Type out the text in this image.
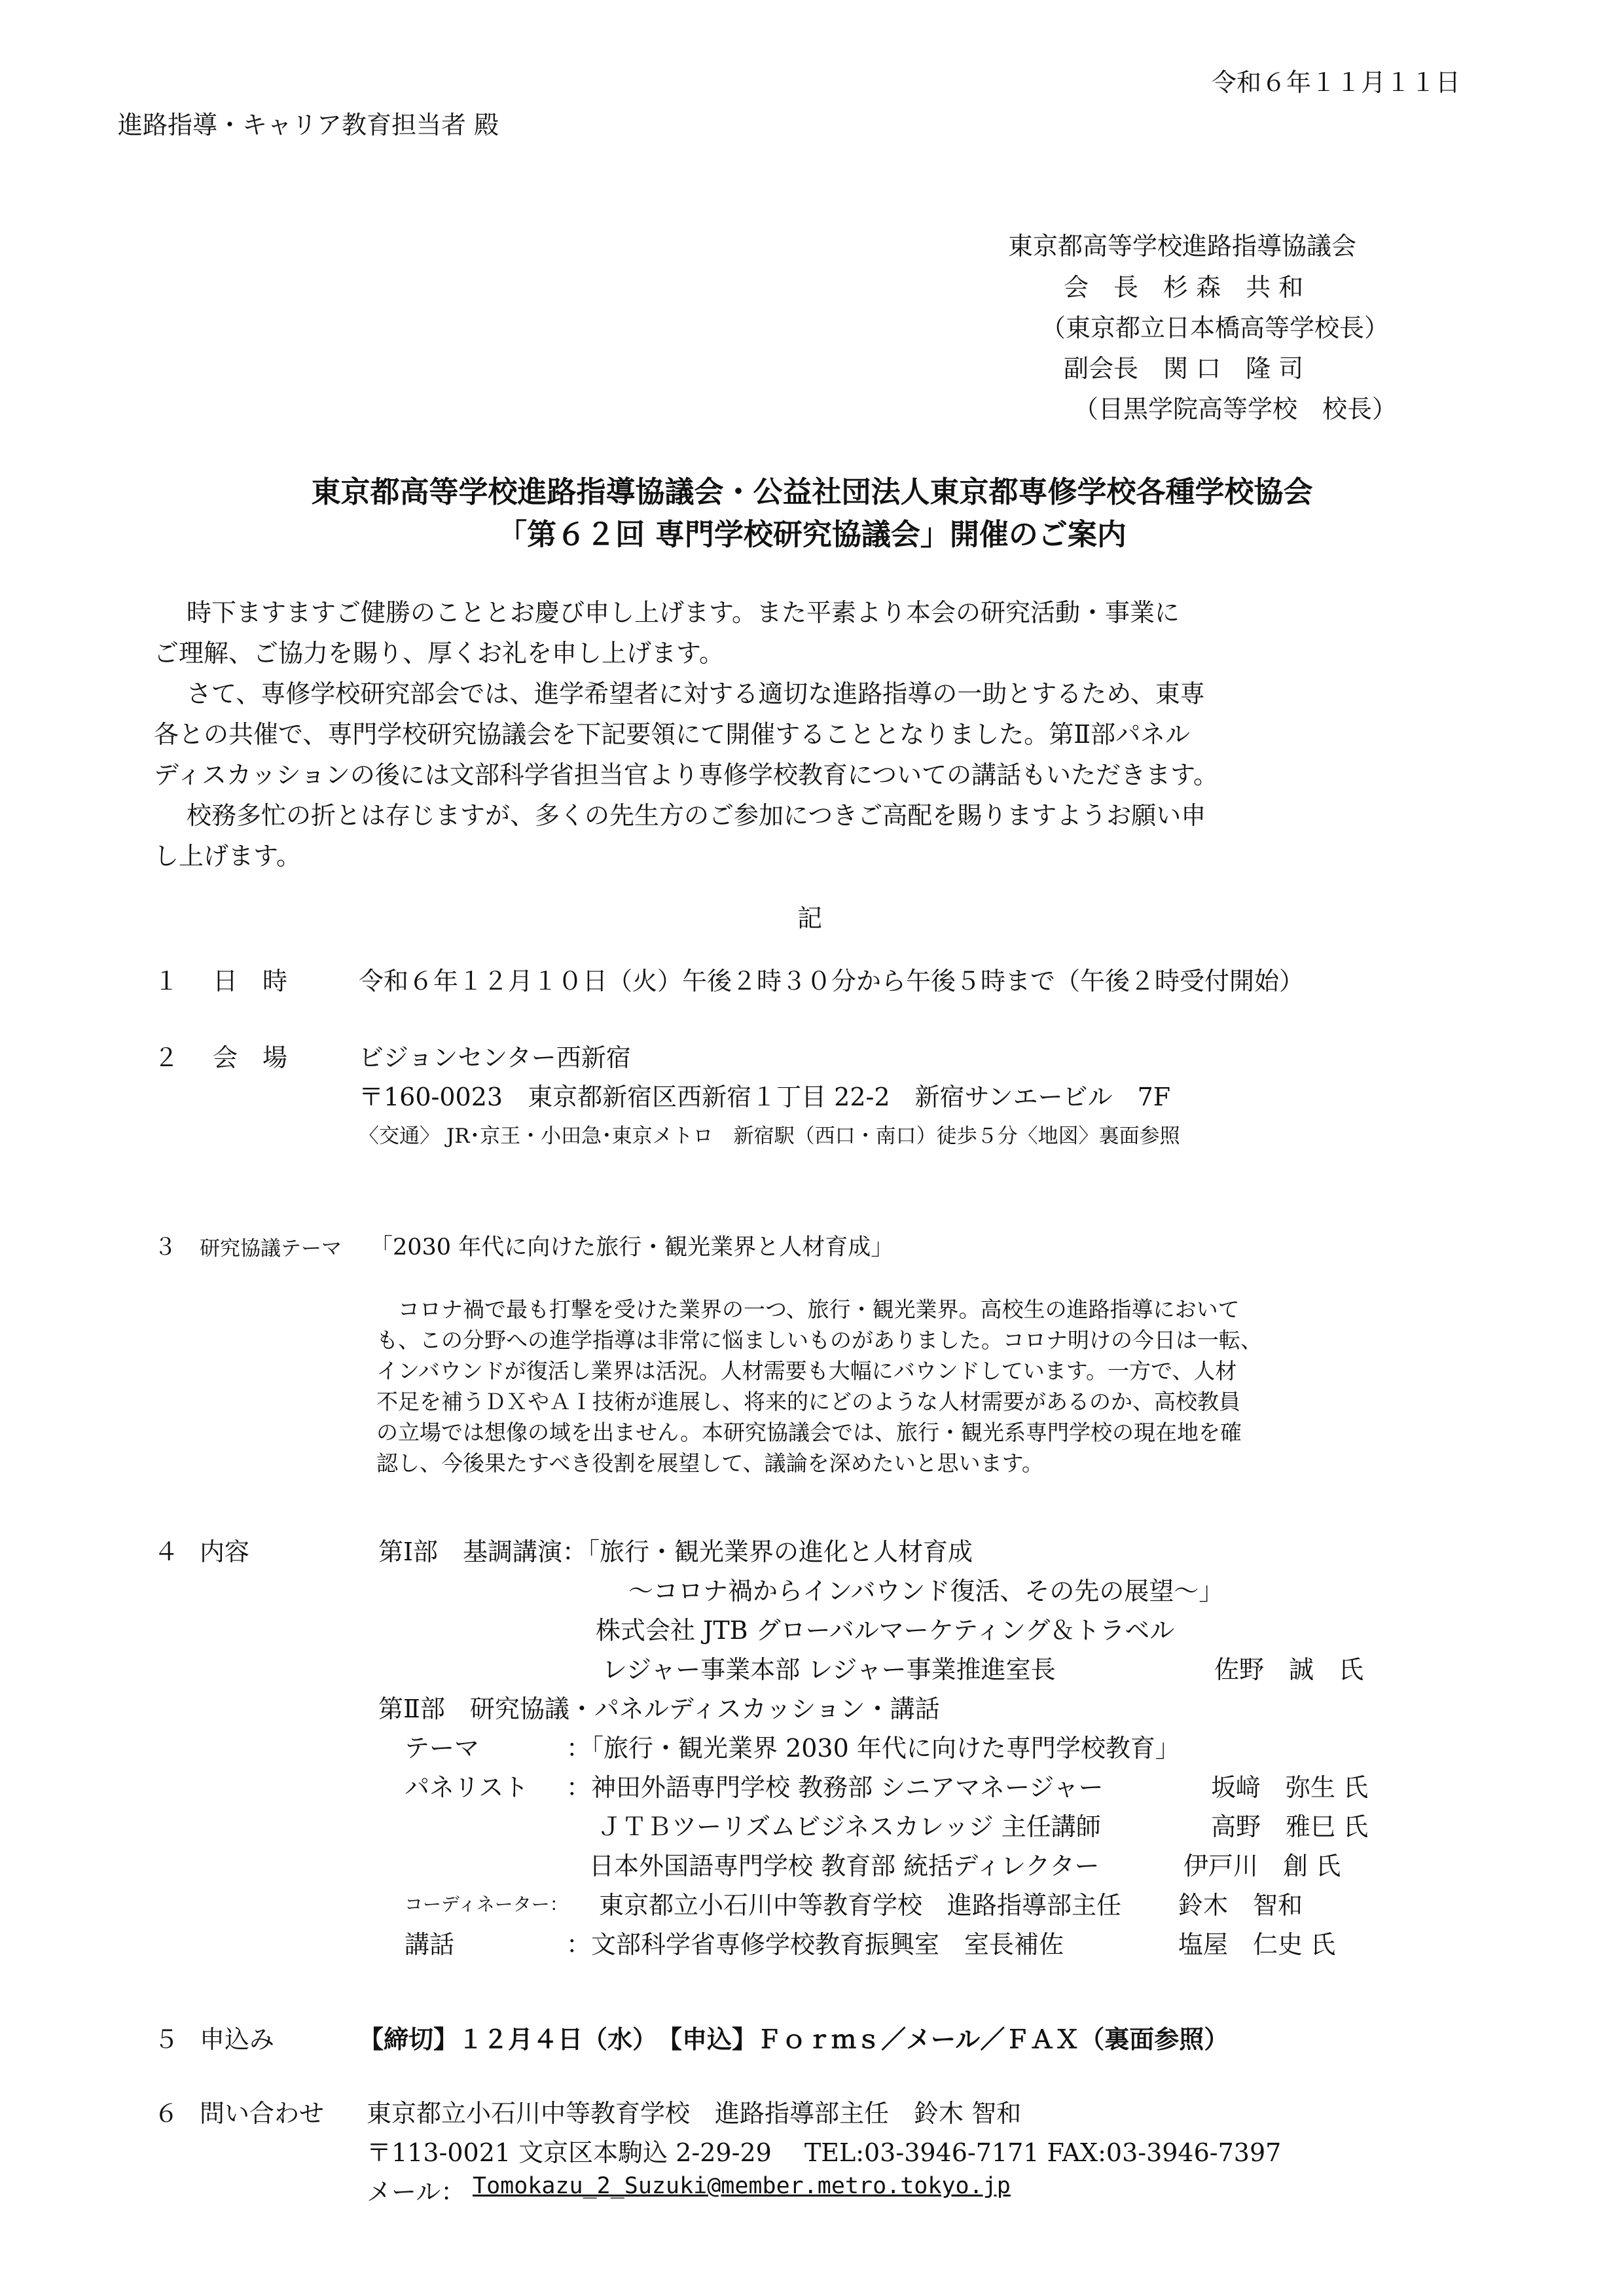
令和６年１１月１１日
進路指導・キャリア教育担当者 殿
東京都高等学校進路指導協議会
会　長　杉 森　共 和
（東京都立日本橋高等学校長）
副会長　関 口　隆 司
（目黒学院高等学校　校長）
東京都高等学校進路指導協議会・公益社団法人東京都専修学校各種学校協会
「第６２回 専門学校研究協議会」開催のご案内
時下ますますご健勝のこととお慶び申し上げます。また平素より本会の研究活動・事業に
ご理解、ご協力を賜り、厚くお礼を申し上げます。
さて、専修学校研究部会では、進学希望者に対する適切な進路指導の一助とするため、東専
各との共催で、専門学校研究協議会を下記要領にて開催することとなりました。第Ⅱ部パネル
ディスカッションの後には文部科学省担当官より専修学校教育についての講話もいただきます。
校務多忙の折とは存じますが、多くの先生方のご参加につきご高配を賜りますようお願い申
し上げます。
記
１ 日　時	令和６年１２月１０日（火）午後２時３０分から午後５時まで（午後２時受付開始）
２ 会　場	ビジョンセンター西新宿
〒160-0023　東京都新宿区西新宿１丁目 22-2　新宿サンエービル　7F
〈交通〉 JR･京王・小田急･東京メトロ　新宿駅（西口・南口）徒歩５分〈地図〉裏面参照
３ 研究協議テーマ 「2030 年代に向けた旅行・観光業界と人材育成」
　コロナ禍で最も打撃を受けた業界の一つ、旅行・観光業界。高校生の進路指導において
も、この分野への進学指導は非常に悩ましいものがありました。コロナ明けの今日は一転、
インバウンドが復活し業界は活況。人材需要も大幅にバウンドしています。一方で、人材
不足を補うＤＸやＡＩ技術が進展し、将来的にどのような人材需要があるのか、高校教員
の立場では想像の域を出ません。本研究協議会では、旅行・観光系専門学校の現在地を確
認し、今後果たすべき役割を展望して、議論を深めたいと思います。
４ 内容	第Ⅰ部　基調講演：「旅行・観光業界の進化と人材育成
～コロナ禍からインバウンド復活、その先の展望～」
株式会社 JTB グローバルマーケティング＆トラベル
レジャー事業本部 レジャー事業推進室長	佐野　誠　氏
第Ⅱ部　研究協議・パネルディスカッション・講話
テーマ	：「旅行・観光業界 2030 年代に向けた専門学校教育」
パネリスト ：神田外語専門学校 教務部 シニアマネージャー	坂﨑　弥生 氏
ＪＴＢツーリズムビジネスカレッジ 主任講師	高野　雅巳 氏
日本外国語専門学校 教育部 統括ディレクター	伊戸川　創 氏
コーディネーター： 東京都立小石川中等教育学校　進路指導部主任 鈴木　智和
講話	：文部科学省専修学校教育振興室　室長補佐	塩屋　仁史 氏
５ 申込み	【締切】１２月４日（水）　【申込】Ｆｏｒｍｓ／メール／ＦＡＸ（裏面参照）
６ 問い合わせ 東京都立小石川中等教育学校　進路指導部主任　鈴木 智和
〒113-0021 文京区本駒込 2-29-29　 TEL:03-3946-7171 FAX:03-3946-7397
メール： Tomokazu_2_Suzuki@member.metro.tokyo.jp
